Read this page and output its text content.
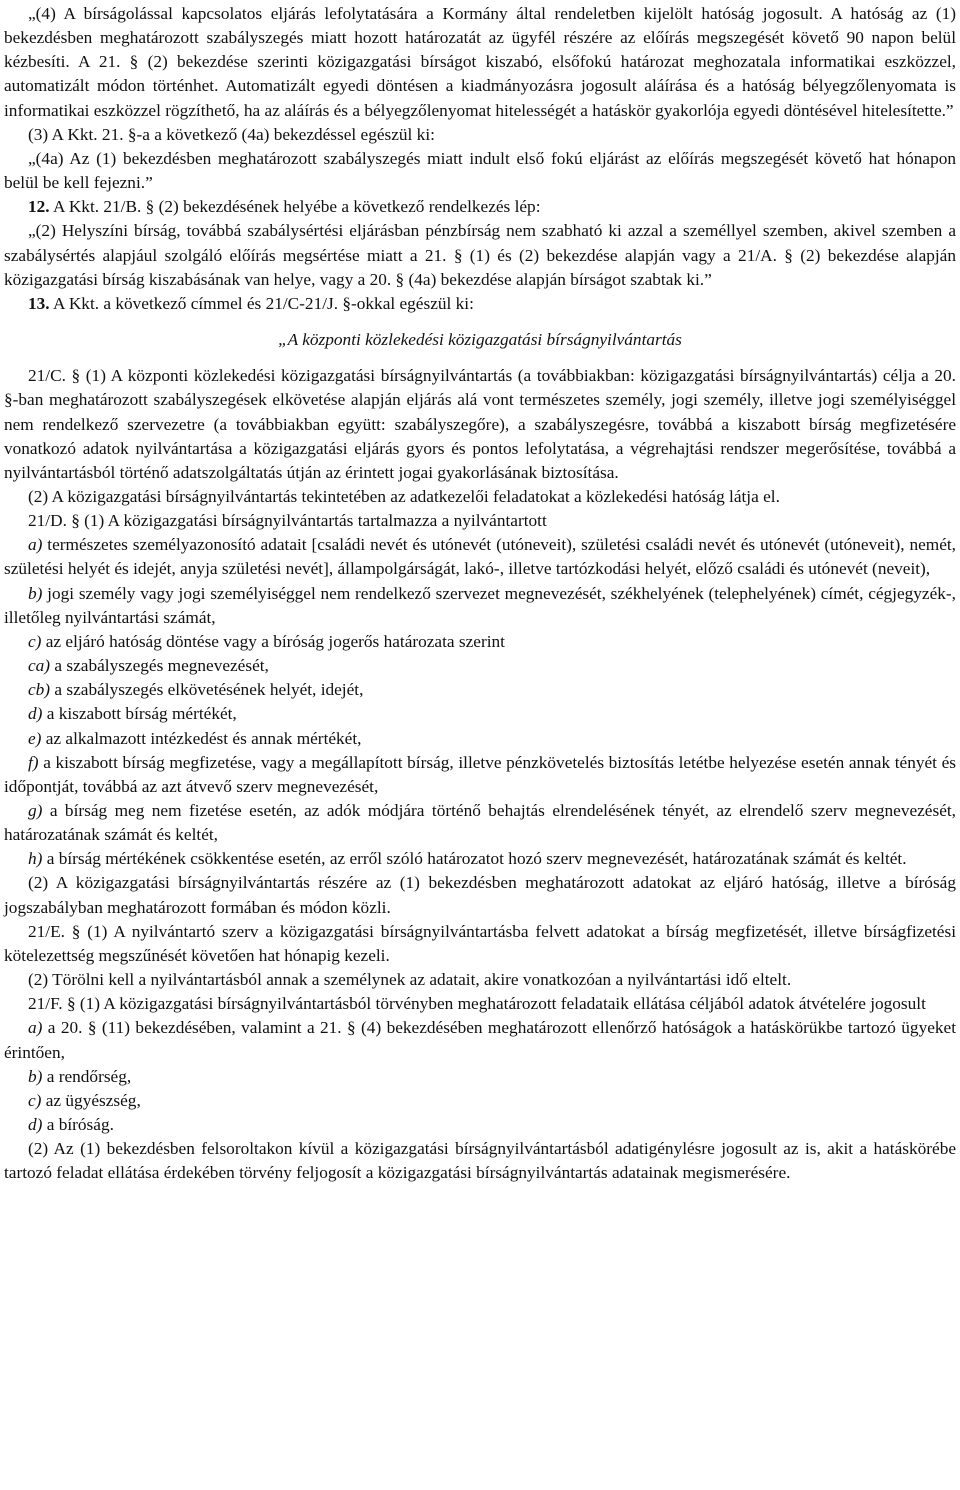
„(4) A bírságolással kapcsolatos eljárás lefolytatására a Kormány által rendeletben kijelölt hatóság jogosult. A hatóság az (1) bekezdésben meghatározott szabályszegés miatt hozott határozatát az ügyfél részére az előírás megszegését követő 90 napon belül kézbesíti. A 21. § (2) bekezdése szerinti közigazgatási bírságot kiszabó, elsőfokú határozat meghozatala informatikai eszközzel, automatizált módon történhet. Automatizált egyedi döntésen a kiadmányozásra jogosult aláírása és a hatóság bélyegzőlenyomata is informatikai eszközzel rögzíthető, ha az aláírás és a bélyegzőlenyomat hitelességét a hatáskör gyakorlója egyedi döntésével hitelesítette.”

(3) A Kkt. 21. §-a a következő (4a) bekezdéssel egészül ki:

„(4a) Az (1) bekezdésben meghatározott szabályszegés miatt indult első fokú eljárást az előírás megszegését követő hat hónapon belül be kell fejezni.”

12. A Kkt. 21/B. § (2) bekezdésének helyébe a következő rendelkezés lép:

„(2) Helyszíni bírság, továbbá szabálysértési eljárásban pénzbírság nem szabható ki azzal a személlyel szemben, akivel szemben a szabálysértés alapjául szolgáló előírás megsértése miatt a 21. § (1) és (2) bekezdése alapján vagy a 21/A. § (2) bekezdése alapján közigazgatási bírság kiszabásának van helye, vagy a 20. § (4a) bekezdése alapján bírságot szabtak ki.”

13. A Kkt. a következő címmel és 21/C-21/J. §-okkal egészül ki:

„A központi közlekedési közigazgatási bírságnyilvántartás

21/C. § (1) A központi közlekedési közigazgatási bírságnyilvántartás (a továbbiakban: közigazgatási bírságnyilvántartás) célja a 20. §-ban meghatározott szabályszegések elkövetése alapján eljárás alá vont természetes személy, jogi személy, illetve jogi személyiséggel nem rendelkező szervezetre (a továbbiakban együtt: szabályszegőre), a szabályszegésre, továbbá a kiszabott bírság megfizetésére vonatkozó adatok nyilvántartása a közigazgatási eljárás gyors és pontos lefolytatása, a végrehajtási rendszer megerősítése, továbbá a nyilvántartásból történő adatszolgáltatás útján az érintett jogai gyakorlásának biztosítása.

(2) A közigazgatási bírságnyilvántartás tekintetében az adatkezelői feladatokat a közlekedési hatóság látja el.

21/D. § (1) A közigazgatási bírságnyilvántartás tartalmazza a nyilvántartott

a) természetes személyazonosító adatait [családi nevét és utónevét (utóneveit), születési családi nevét és utónevét (utóneveit), nemét, születési helyét és idejét, anyja születési nevét], állampolgárságát, lakó-, illetve tartózkodási helyét, előző családi és utónevét (neveit),

b) jogi személy vagy jogi személyiséggel nem rendelkező szervezet megnevezését, székhelyének (telephelyének) címét, cégjegyzék-, illetőleg nyilvántartási számát,

c) az eljáró hatóság döntése vagy a bíróság jogerős határozata szerint

ca) a szabályszegés megnevezését,

cb) a szabályszegés elkövetésének helyét, idejét,

d) a kiszabott bírság mértékét,

e) az alkalmazott intézkedést és annak mértékét,

f) a kiszabott bírság megfizetése, vagy a megállapított bírság, illetve pénzkövetelés biztosítás letétbe helyezése esetén annak tényét és időpontját, továbbá az azt átvevő szerv megnevezését,

g) a bírság meg nem fizetése esetén, az adók módjára történő behajtás elrendelésének tényét, az elrendelő szerv megnevezését, határozatának számát és keltét,

h) a bírság mértékének csökkentése esetén, az erről szóló határozatot hozó szerv megnevezését, határozatának számát és keltét.

(2) A közigazgatási bírságnyilvántartás részére az (1) bekezdésben meghatározott adatokat az eljáró hatóság, illetve a bíróság jogszabályban meghatározott formában és módon közli.

21/E. § (1) A nyilvántartó szerv a közigazgatási bírságnyilvántartásba felvett adatokat a bírság megfizetését, illetve bírságfizetési kötelezettség megszűnését követően hat hónapig kezeli.

(2) Törölni kell a nyilvántartásból annak a személynek az adatait, akire vonatkozóan a nyilvántartási idő eltelt.

21/F. § (1) A közigazgatási bírságnyilvántartásból törvényben meghatározott feladataik ellátása céljából adatok átvételére jogosult

a) a 20. § (11) bekezdésében, valamint a 21. § (4) bekezdésében meghatározott ellenőrző hatóságok a hatáskörükbe tartozó ügyeket érintően,

b) a rendőrség,

c) az ügyészség,

d) a bíróság.

(2) Az (1) bekezdésben felsoroltakon kívül a közigazgatási bírságnyilvántartásból adatigénylésre jogosult az is, akit a hatáskörébe tartozó feladat ellátása érdekében törvény feljogosít a közigazgatási bírságnyilvántartás adatainak megismerésére.
